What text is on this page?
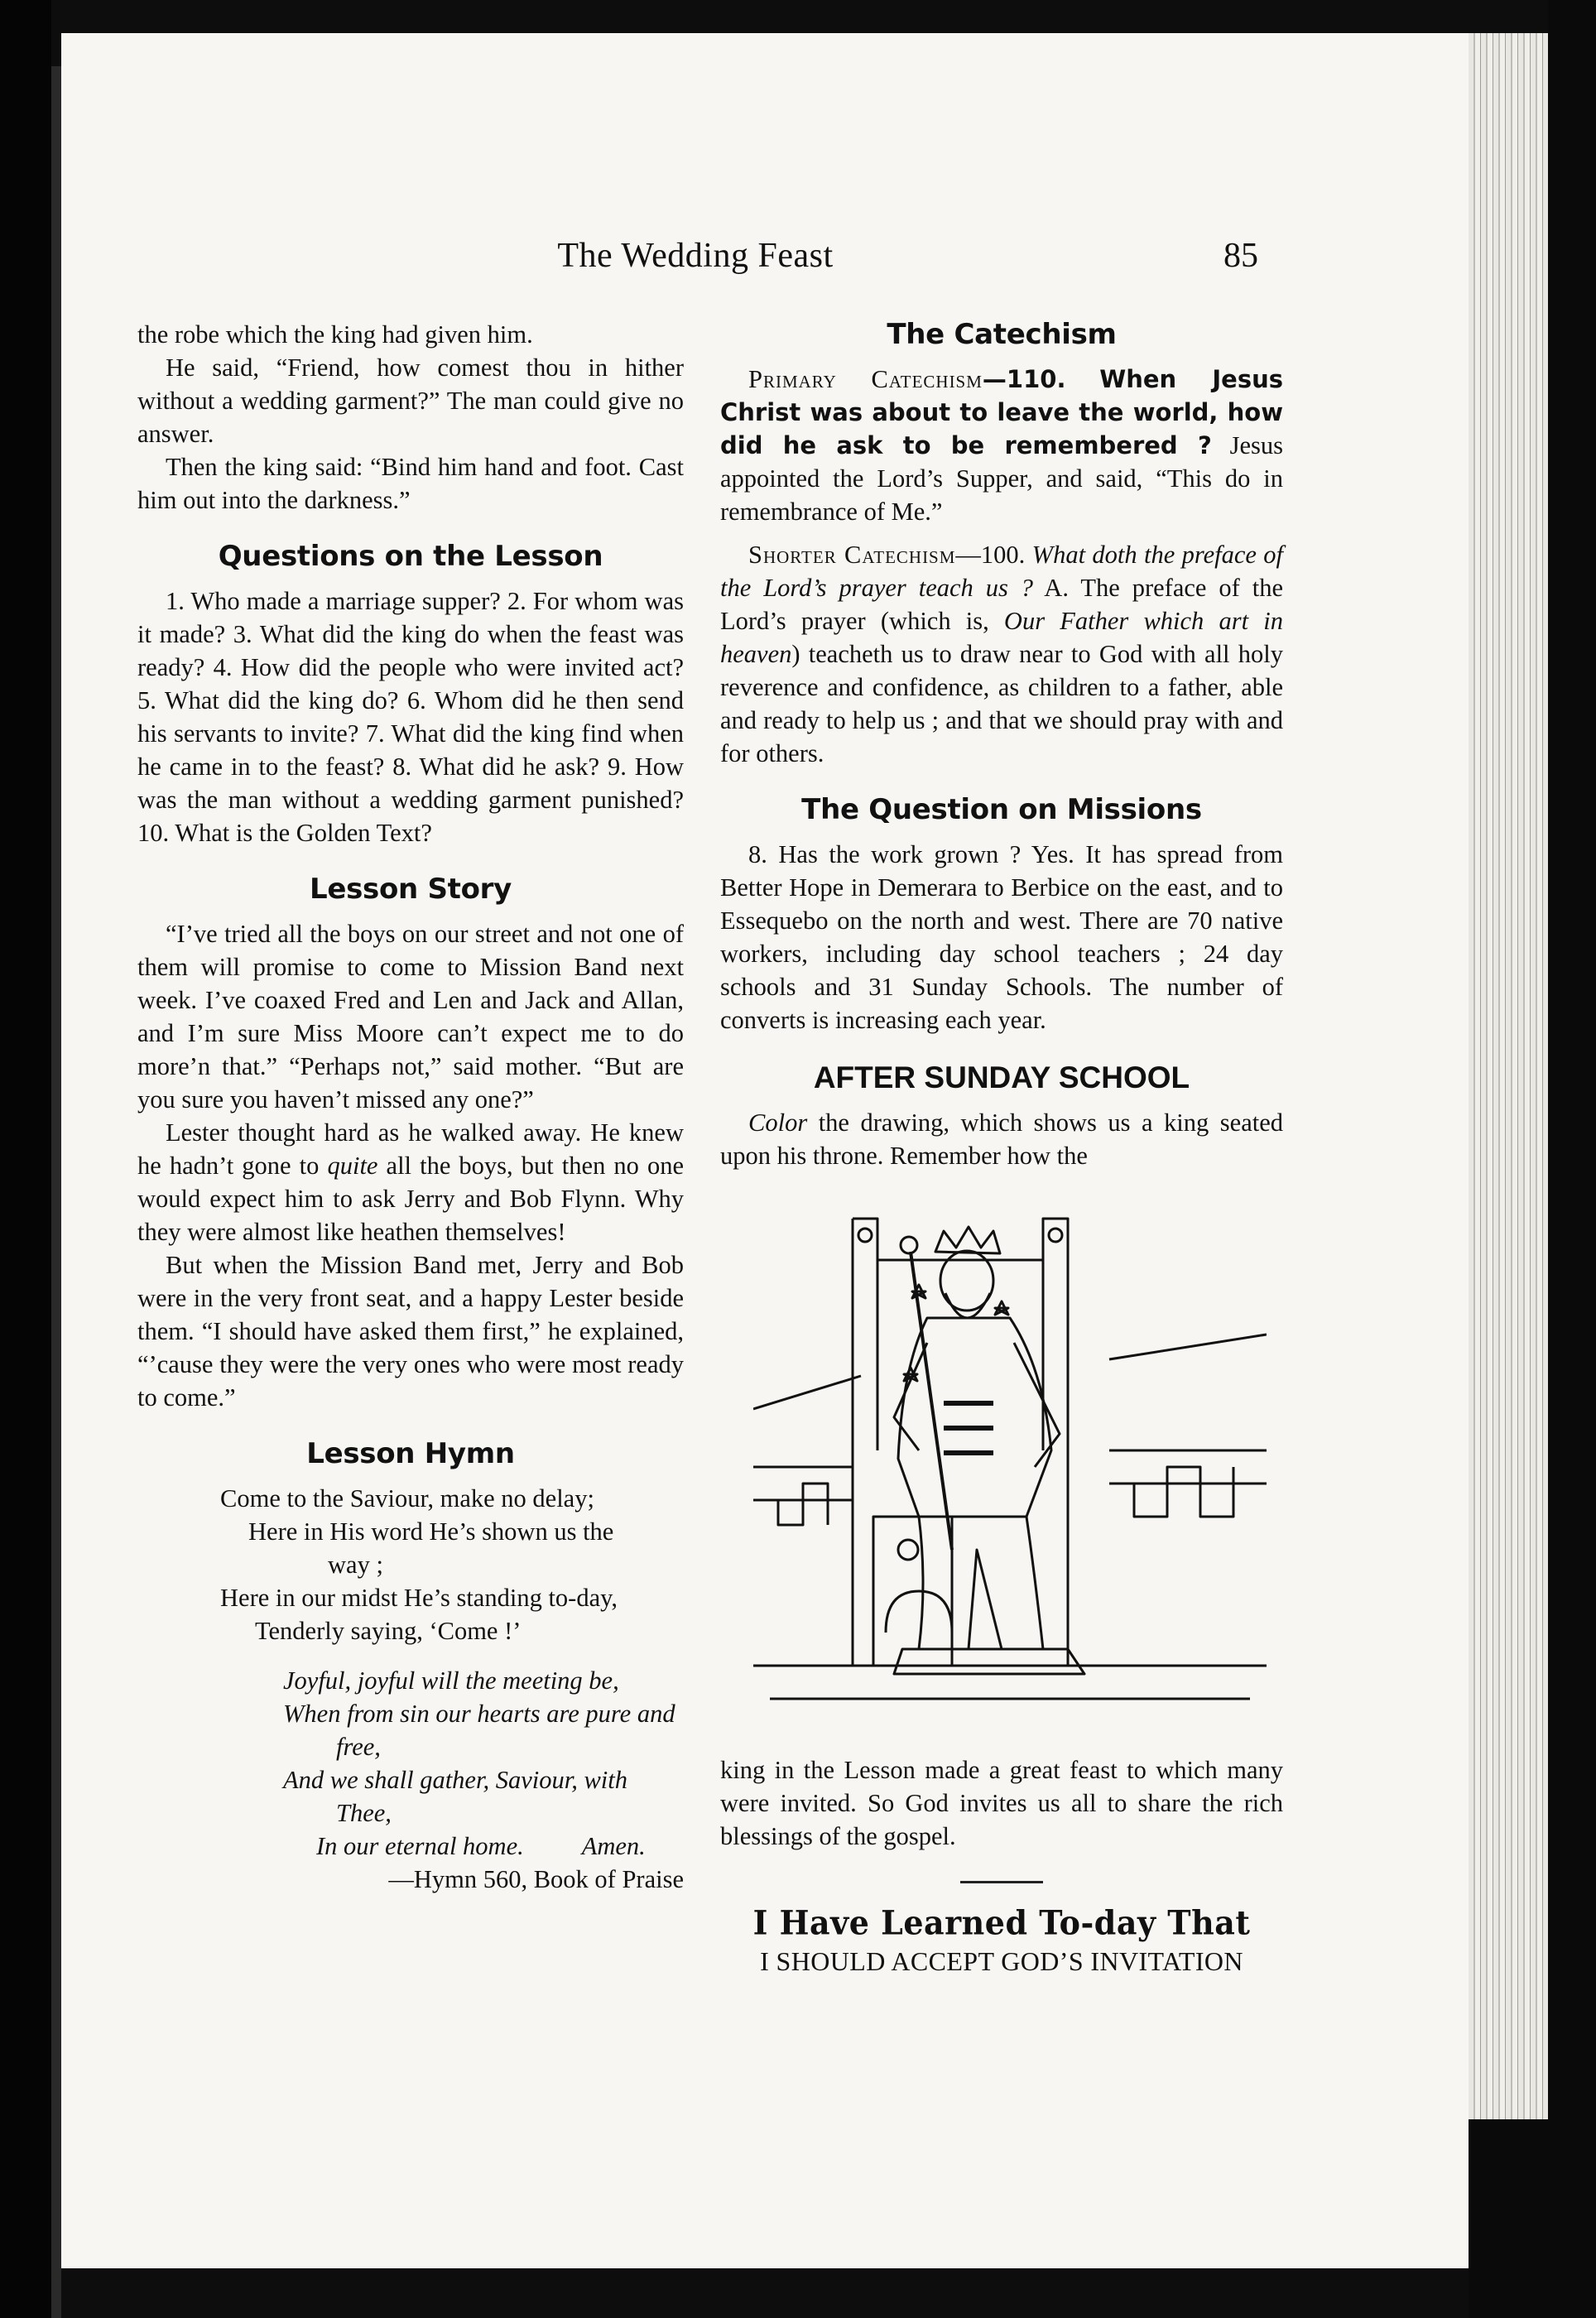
The Wedding Feast	85

the robe which the king had given him.

He said, “Friend, how comest thou in hither without a wedding garment?” The man could give no answer.

Then the king said: “Bind him hand and foot. Cast him out into the darkness.”

Questions on the Lesson

1. Who made a marriage supper? 2. For whom was it made? 3. What did the king do when the feast was ready? 4. How did the people who were invited act? 5. What did the king do? 6. Whom did he then send his servants to invite? 7. What did the king find when he came in to the feast? 8. What did he ask? 9. How was the man without a wedding garment punished? 10. What is the Golden Text?

Lesson Story

“I’ve tried all the boys on our street and not one of them will promise to come to Mission Band next week. I’ve coaxed Fred and Len and Jack and Allan, and I’m sure Miss Moore can’t expect me to do more’n that.” “Perhaps not,” said mother. “But are you sure you haven’t missed any one?”

Lester thought hard as he walked away. He knew he hadn’t gone to quite all the boys, but then no one would expect him to ask Jerry and Bob Flynn. Why they were almost like heathen themselves!

But when the Mission Band met, Jerry and Bob were in the very front seat, and a happy Lester beside them. “I should have asked them first,” he explained, “’cause they were the very ones who were most ready to come.”

Lesson Hymn
Come to the Saviour, make no delay;
Here in His word He’s shown us the
way ;
Here in our midst He’s standing to-day,
Tenderly saying, ‘Come !’
Joyful, joyful will the meeting be,
When from sin our hearts are pure and
free,
And we shall gather, Saviour, with
Thee,
In our eternal home. Amen.
—Hymn 560, Book of Praise
The Catechism

Primary Catechism—110. When Jesus Christ was about to leave the world, how did he ask to be remembered ? Jesus appointed the Lord’s Supper, and said, “This do in remembrance of Me.”

Shorter Catechism—100. What doth the preface of the Lord’s prayer teach us ? A. The preface of the Lord’s prayer (which is, Our Father which art in heaven) teacheth us to draw near to God with all holy reverence and confidence, as children to a father, able and ready to help us ; and that we should pray with and for others.

The Question on Missions

8. Has the work grown ? Yes. It has spread from Better Hope in Demerara to Berbice on the east, and to Essequebo on the north and west. There are 70 native workers, including day school teachers ; 24 day schools and 31 Sunday Schools. The number of converts is increasing each year.

AFTER SUNDAY SCHOOL

Color the drawing, which shows us a king seated upon his throne. Remember how the

king in the Lesson made a great feast to which many were invited. So God invites us all to share the rich blessings of the gospel.

I Have Learned To-day That
I SHOULD ACCEPT GOD’S INVITATION
